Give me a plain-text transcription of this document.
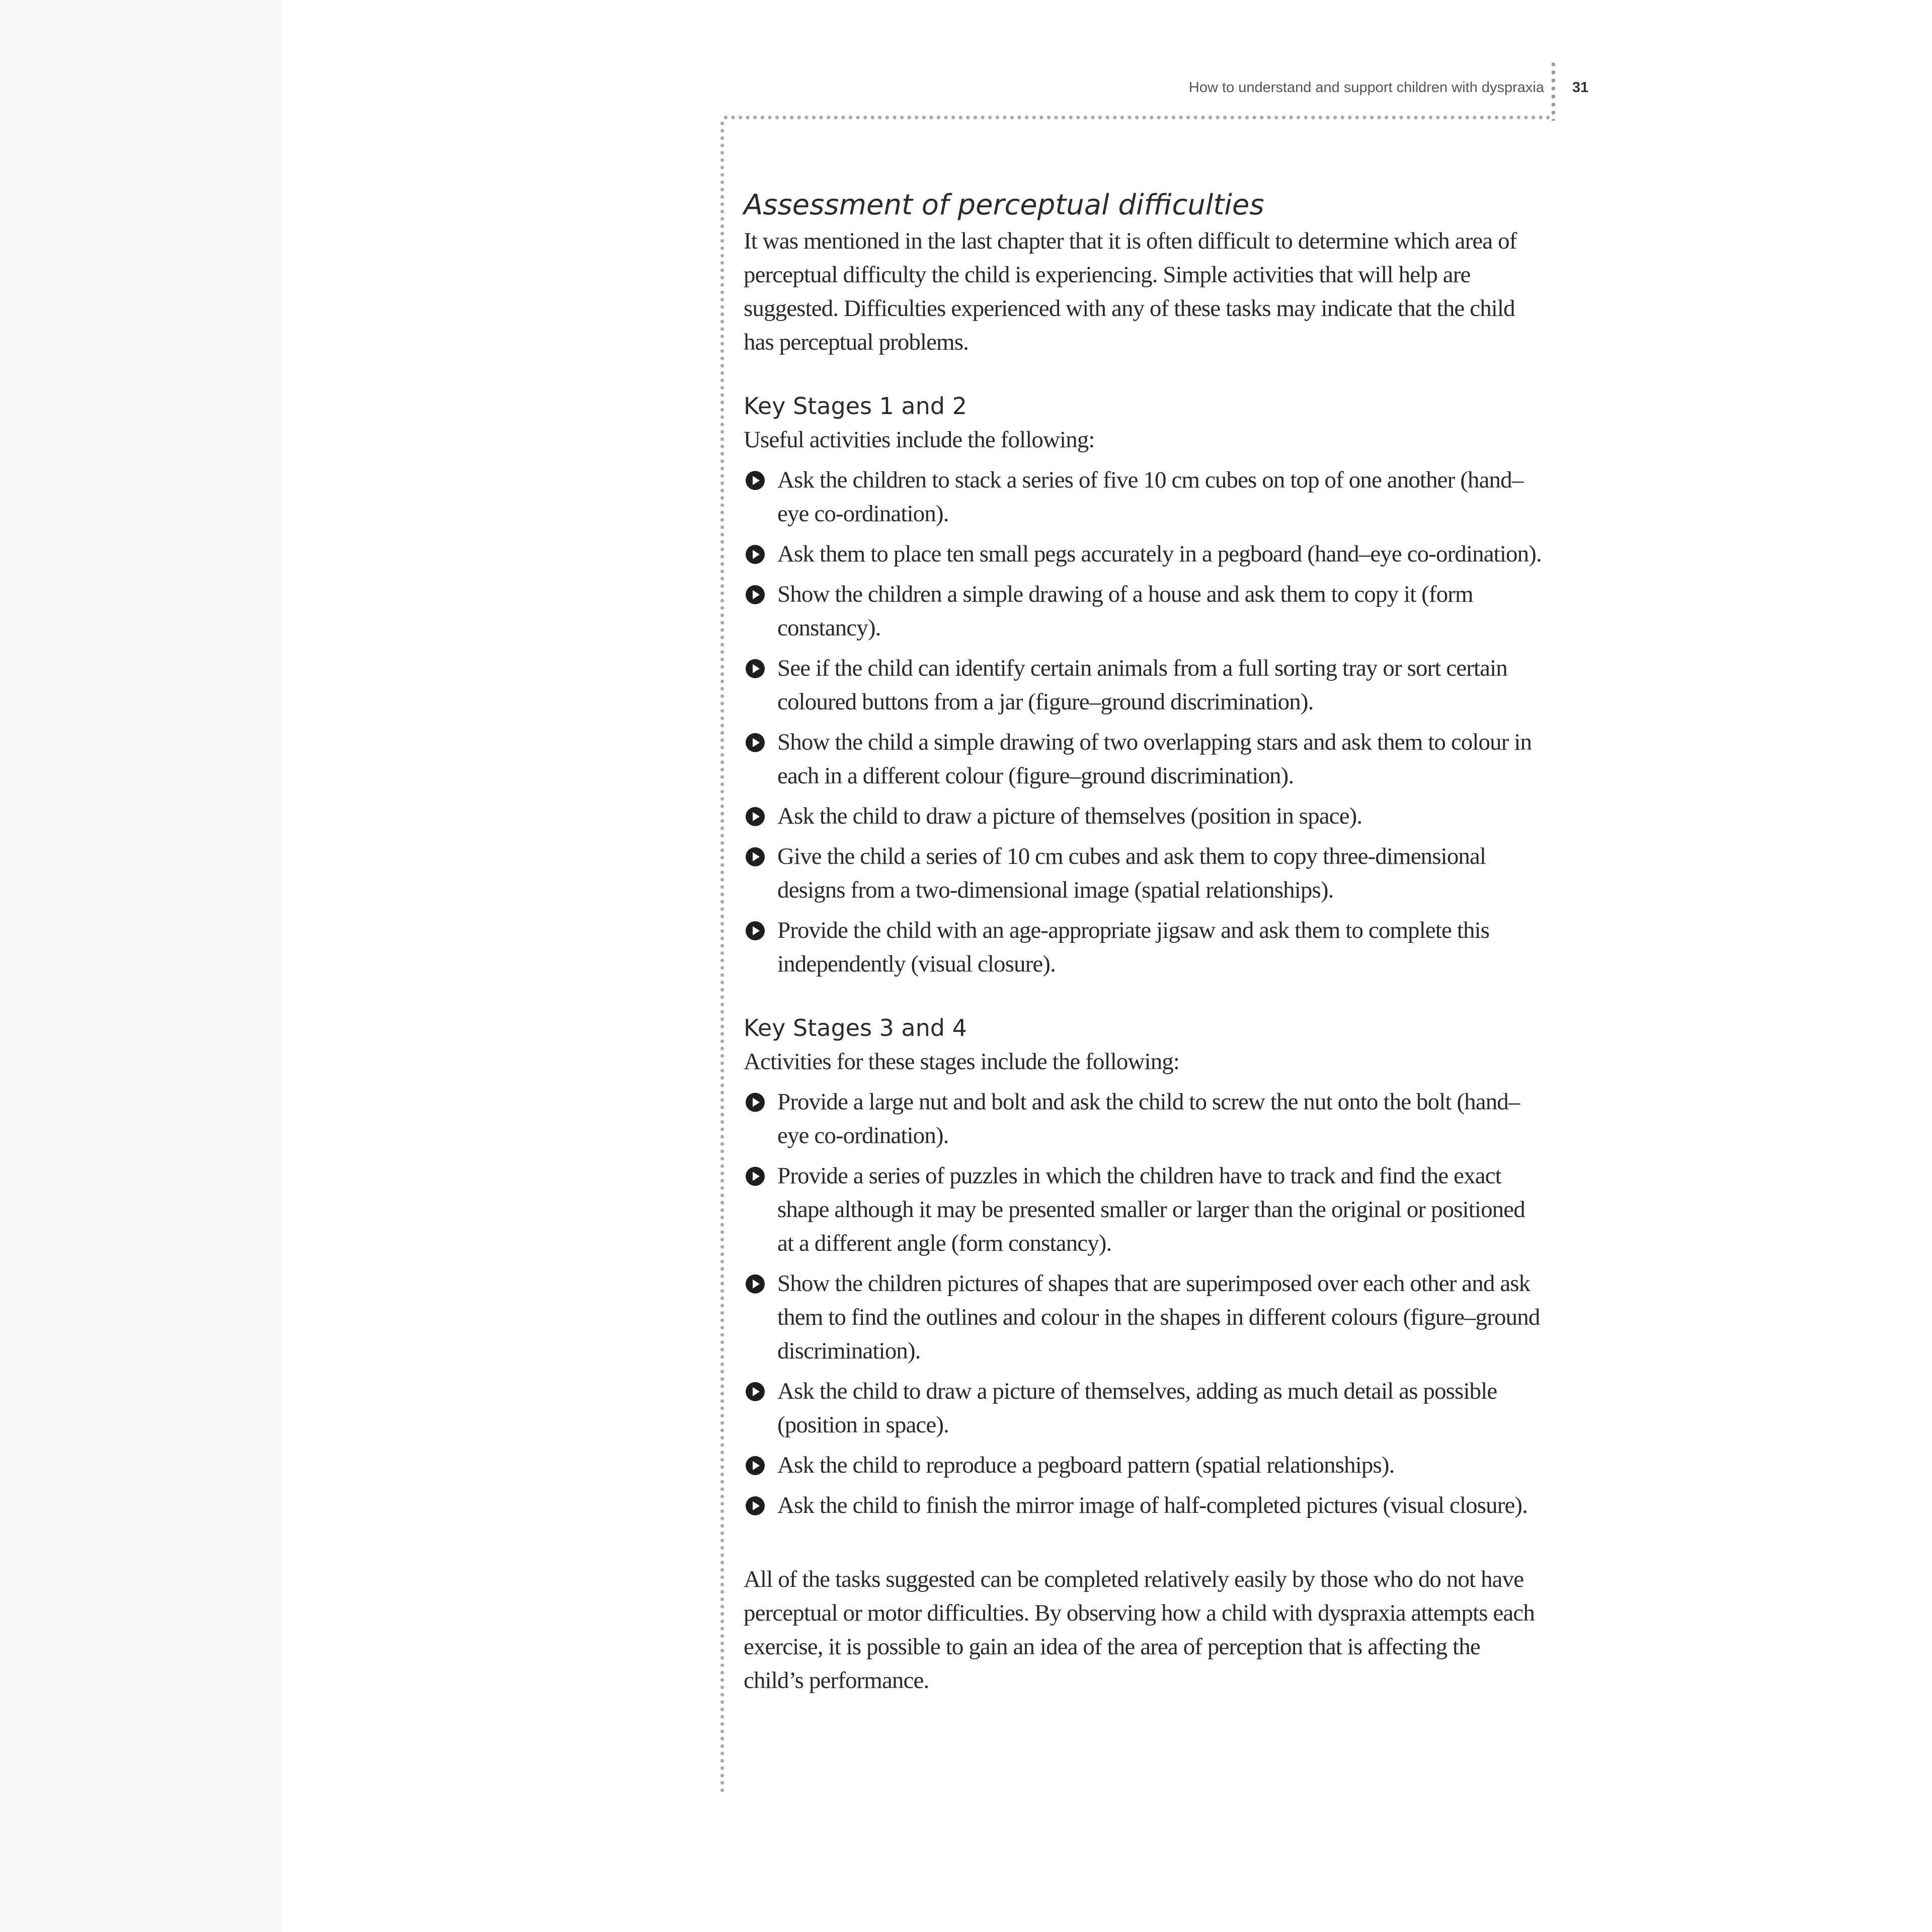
How to understand and support children with dyspraxia 31
Assessment of perceptual difficulties

It was mentioned in the last chapter that it is often difficult to determine which area of perceptual difficulty the child is experiencing. Simple activities that will help are suggested. Difficulties experienced with any of these tasks may indicate that the child has perceptual problems.

Key Stages 1 and 2

Useful activities include the following:

Ask the children to stack a series of five 10 cm cubes on top of one another (hand–eye co-ordination).
Ask them to place ten small pegs accurately in a pegboard (hand–eye co-ordination).
Show the children a simple drawing of a house and ask them to copy it (form constancy).
See if the child can identify certain animals from a full sorting tray or sort certain coloured buttons from a jar (figure–ground discrimination).
Show the child a simple drawing of two overlapping stars and ask them to colour in each in a different colour (figure–ground discrimination).
Ask the child to draw a picture of themselves (position in space).
Give the child a series of 10 cm cubes and ask them to copy three-dimensional designs from a two-dimensional image (spatial relationships).
Provide the child with an age-appropriate jigsaw and ask them to complete this independently (visual closure).
Key Stages 3 and 4

Activities for these stages include the following:

Provide a large nut and bolt and ask the child to screw the nut onto the bolt (hand–eye co-ordination).
Provide a series of puzzles in which the children have to track and find the exact shape although it may be presented smaller or larger than the original or positioned at a different angle (form constancy).
Show the children pictures of shapes that are superimposed over each other and ask them to find the outlines and colour in the shapes in different colours (figure–ground discrimination).
Ask the child to draw a picture of themselves, adding as much detail as possible (position in space).
Ask the child to reproduce a pegboard pattern (spatial relationships).
Ask the child to finish the mirror image of half-completed pictures (visual closure).

All of the tasks suggested can be completed relatively easily by those who do not have perceptual or motor difficulties. By observing how a child with dyspraxia attempts each exercise, it is possible to gain an idea of the area of perception that is affecting the child’s performance.
